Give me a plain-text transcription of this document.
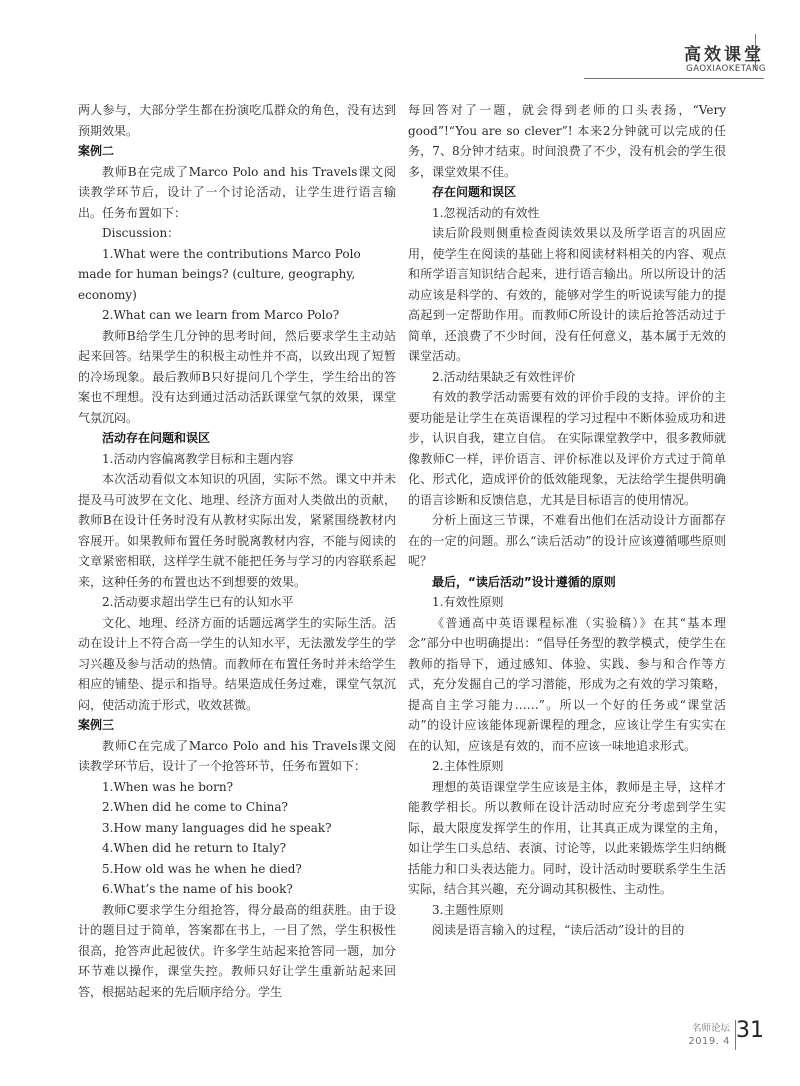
高效课堂
GAOXIAOKETANG

两人参与，大部分学生都在扮演吃瓜群众的角色，没有达到预期效果。

案例二

教师B在完成了Marco Polo and his Travels课文阅读教学环节后，设计了一个讨论活动，让学生进行语言输出。任务布置如下：

Discussion：

1.What were the contributions Marco Polo made for human beings? (culture, geography, economy)

2.What can we learn from Marco Polo?

教师B给学生几分钟的思考时间，然后要求学生主动站起来回答。结果学生的积极主动性并不高，以致出现了短暂的冷场现象。最后教师B只好提问几个学生，学生给出的答案也不理想。没有达到通过活动活跃课堂气氛的效果，课堂气氛沉闷。

活动存在问题和误区

1.活动内容偏离教学目标和主题内容

本次活动看似文本知识的巩固，实际不然。课文中并未提及马可波罗在文化、地理、经济方面对人类做出的贡献，教师B在设计任务时没有从教材实际出发，紧紧围绕教材内容展开。如果教师布置任务时脱离教材内容，不能与阅读的文章紧密相联，这样学生就不能把任务与学习的内容联系起来，这种任务的布置也达不到想要的效果。

2.活动要求超出学生已有的认知水平

文化、地理、经济方面的话题远离学生的实际生活。活动在设计上不符合高一学生的认知水平，无法激发学生的学习兴趣及参与活动的热情。而教师在布置任务时并未给学生相应的铺垫、提示和指导。结果造成任务过难，课堂气氛沉闷，使活动流于形式，收效甚微。

案例三

教师C在完成了Marco Polo and his Travels课文阅读教学环节后，设计了一个抢答环节，任务布置如下：

1.When was he born?

2.When did he come to China?

3.How many languages did he speak?

4.When did he return to Italy?

5.How old was he when he died?

6.What’s the name of his book?

教师C要求学生分组抢答，得分最高的组获胜。由于设计的题目过于简单，答案都在书上，一目了然，学生积极性很高，抢答声此起彼伏。许多学生站起来抢答同一题，加分环节难以操作，课堂失控。教师只好让学生重新站起来回答，根据站起来的先后顺序给分。学生

每回答对了一题，就会得到老师的口头表扬，“Very good”!“You are so clever”! 本来2分钟就可以完成的任务，7、8分钟才结束。时间浪费了不少，没有机会的学生很多，课堂效果不佳。

存在问题和误区

1.忽视活动的有效性

读后阶段则侧重检查阅读效果以及所学语言的巩固应用，使学生在阅读的基础上将和阅读材料相关的内容、观点和所学语言知识结合起来，进行语言输出。所以所设计的活动应该是科学的、有效的，能够对学生的听说读写能力的提高起到一定帮助作用。而教师C所设计的读后抢答活动过于简单，还浪费了不少时间，没有任何意义，基本属于无效的课堂活动。

2.活动结果缺乏有效性评价

有效的教学活动需要有效的评价手段的支持。评价的主要功能是让学生在英语课程的学习过程中不断体验成功和进步，认识自我，建立自信。 在实际课堂教学中，很多教师就像教师C一样，评价语言、评价标准以及评价方式过于简单化、形式化，造成评价的低效能现象，无法给学生提供明确的语言诊断和反馈信息，尤其是目标语言的使用情况。

分析上面这三节课，不难看出他们在活动设计方面都存在的一定的问题。那么“读后活动”的设计应该遵循哪些原则呢？

最后，“读后活动”设计遵循的原则

1.有效性原则

《普通高中英语课程标准（实验稿）》在其“基本理念”部分中也明确提出：“倡导任务型的教学模式，使学生在教师的指导下，通过感知、体验、实践、参与和合作等方式，充分发掘自己的学习潜能，形成为之有效的学习策略，提高自主学习能力……”。所以一个好的任务或“课堂活动”的设计应该能体现新课程的理念，应该让学生有实实在在的认知，应该是有效的，而不应该一味地追求形式。

2.主体性原则

理想的英语课堂学生应该是主体，教师是主导，这样才能教学相长。所以教师在设计活动时应充分考虑到学生实际，最大限度发挥学生的作用，让其真正成为课堂的主角，如让学生口头总结、表演、讨论等，以此来锻炼学生归纳概括能力和口头表达能力。同时，设计活动时要联系学生生活实际，结合其兴趣，充分调动其积极性、主动性。

3.主题性原则

阅读是语言输入的过程，“读后活动”设计的目的

名师论坛
2019. 4 31
